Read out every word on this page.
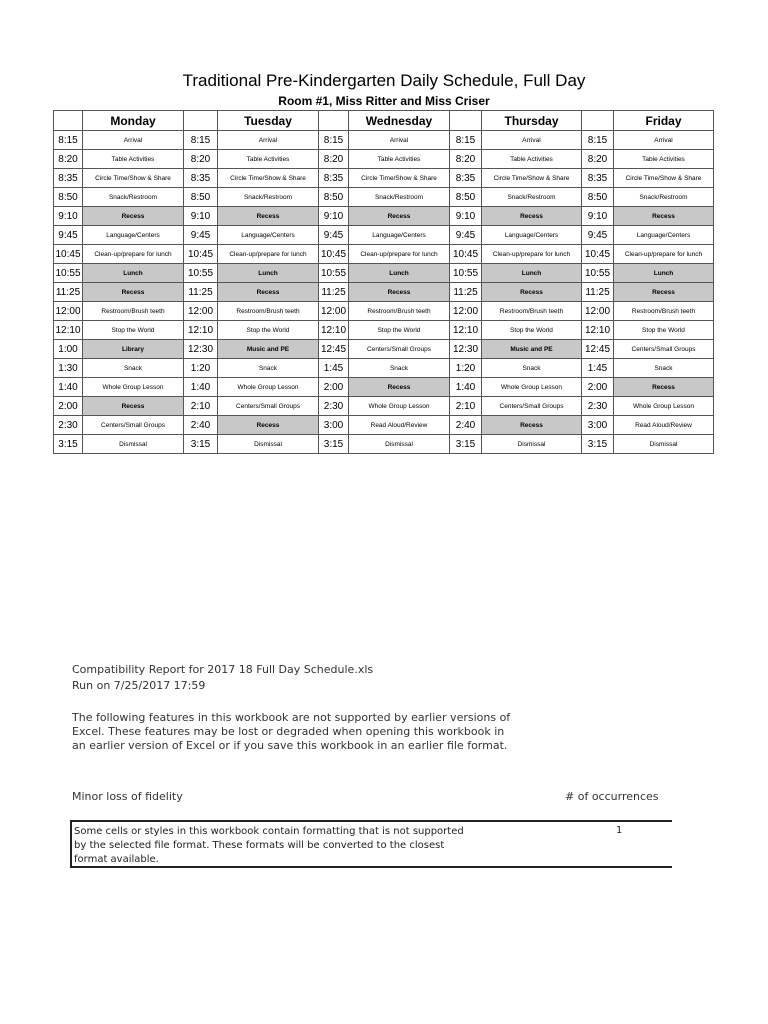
Traditional Pre-Kindergarten Daily Schedule, Full Day
Room #1, Miss Ritter and Miss Criser
	Monday		Tuesday		Wednesday		Thursday		Friday
8:15	Arrival	8:15	Arrival	8:15	Arrival	8:15	Arrival	8:15	Arrival
8:20	Table Activities	8:20	Table Activities	8:20	Table Activities	8:20	Table Activities	8:20	Table Activities
8:35	Circle Time/Show & Share	8:35	Circle Time/Show & Share	8:35	Circle Time/Show & Share	8:35	Circle Time/Show & Share	8:35	Circle Time/Show & Share
8:50	Snack/Restroom	8:50	Snack/Restroom	8:50	Snack/Restroom	8:50	Snack/Restroom	8:50	Snack/Restroom
9:10	Recess	9:10	Recess	9:10	Recess	9:10	Recess	9:10	Recess
9:45	Language/Centers	9:45	Language/Centers	9:45	Language/Centers	9:45	Language/Centers	9:45	Language/Centers
10:45	Clean-up/prepare for lunch	10:45	Clean-up/prepare for lunch	10:45	Clean-up/prepare for lunch	10:45	Clean-up/prepare for lunch	10:45	Clean-up/prepare for lunch
10:55	Lunch	10:55	Lunch	10:55	Lunch	10:55	Lunch	10:55	Lunch
11:25	Recess	11:25	Recess	11:25	Recess	11:25	Recess	11:25	Recess
12:00	Restroom/Brush teeth	12:00	Restroom/Brush teeth	12:00	Restroom/Brush teeth	12:00	Restroom/Brush teeth	12:00	Restroom/Brush teeth
12:10	Stop the World	12:10	Stop the World	12:10	Stop the World	12:10	Stop the World	12:10	Stop the World
1:00	Library	12:30	Music and PE	12:45	Centers/Small Groups	12:30	Music and PE	12:45	Centers/Small Groups
1:30	Snack	1:20	Snack	1:45	Snack	1:20	Snack	1:45	Snack
1:40	Whole Group Lesson	1:40	Whole Group Lesson	2:00	Recess	1:40	Whole Group Lesson	2:00	Recess
2:00	Recess	2:10	Centers/Small Groups	2:30	Whole Group Lesson	2:10	Centers/Small Groups	2:30	Whole Group Lesson
2:30	Centers/Small Groups	2:40	Recess	3:00	Read Aloud/Review	2:40	Recess	3:00	Read Aloud/Review
3:15	Dismissal	3:15	Dismissal	3:15	Dismissal	3:15	Dismissal	3:15	Dismissal
Compatibility Report for 2017 18 Full Day Schedule.xls
Run on 7/25/2017 17:59
The following features in this workbook are not supported by earlier versions of
Excel. These features may be lost or degraded when opening this workbook in
an earlier version of Excel or if you save this workbook in an earlier file format.
Minor loss of fidelity	# of occurrences
Some cells or styles in this workbook contain formatting that is not supported
by the selected file format. These formats will be converted to the closest
format available.
1
